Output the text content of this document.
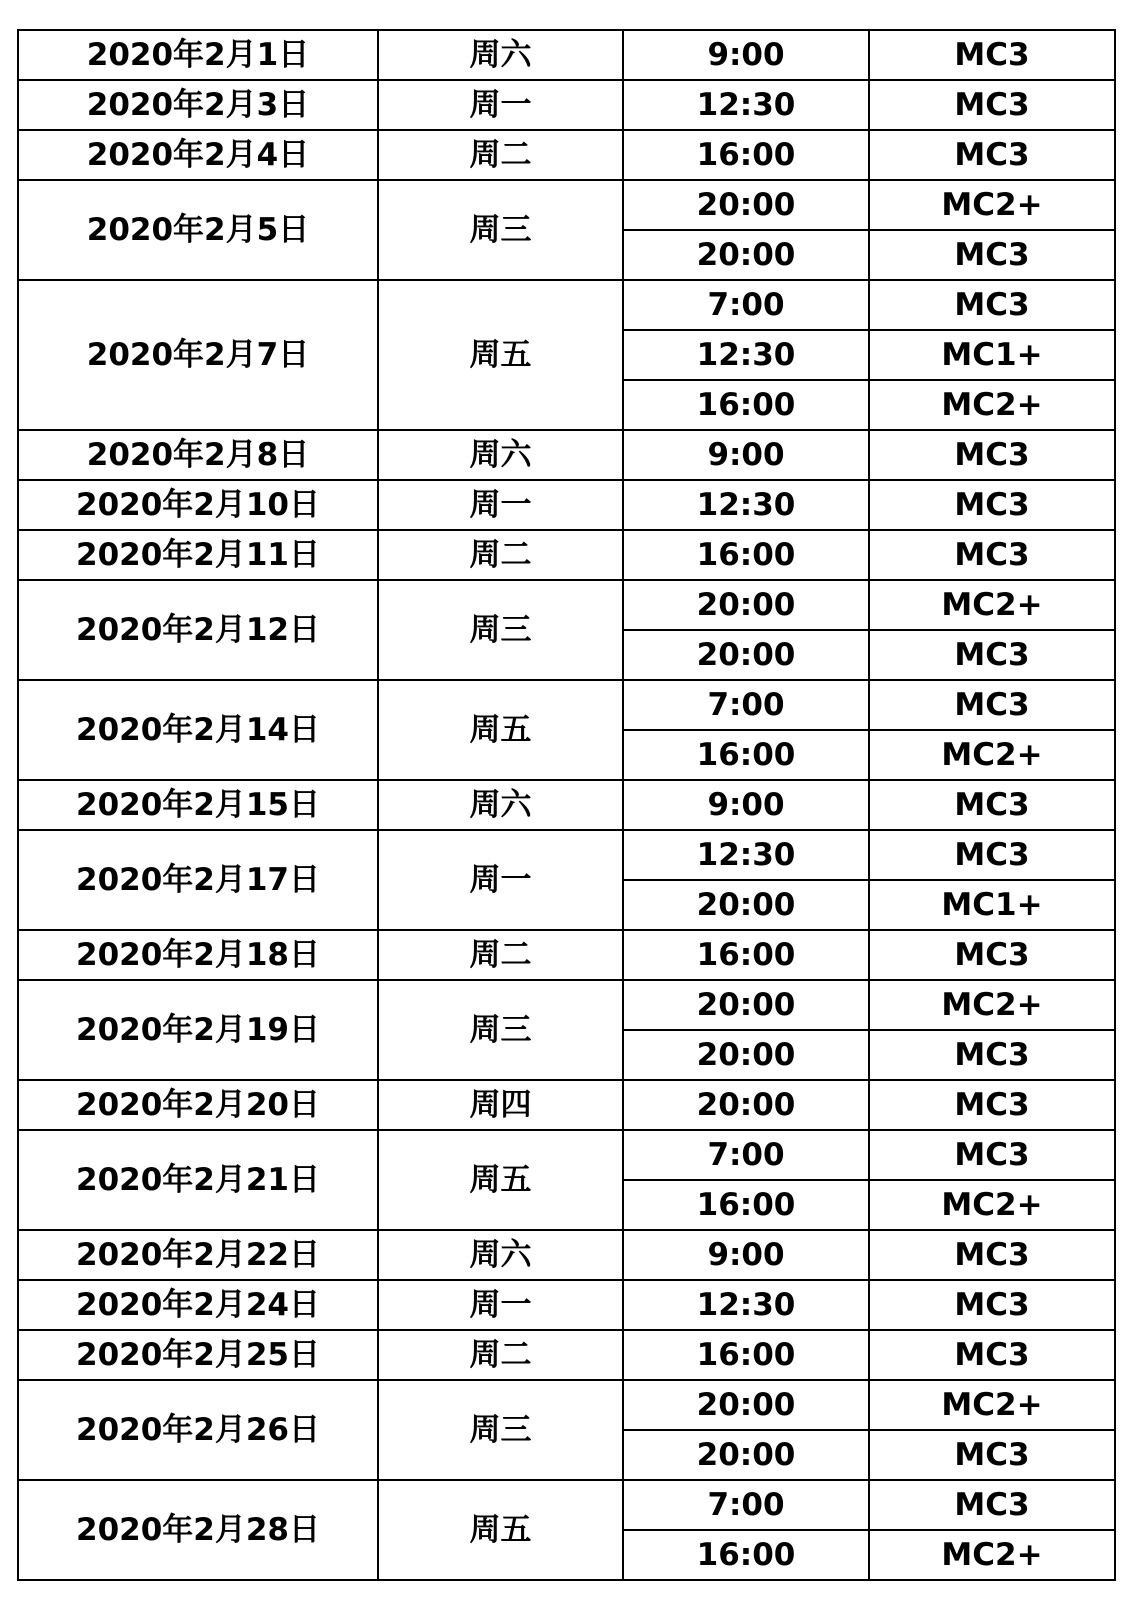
2020年2月1日	周六	9:00	MC3
2020年2月3日	周一	12:30	MC3
2020年2月4日	周二	16:00	MC3
2020年2月5日	周三	20:00	MC2+
		20:00	MC3
2020年2月7日	周五	7:00	MC3
		12:30	MC1+
		16:00	MC2+
2020年2月8日	周六	9:00	MC3
2020年2月10日	周一	12:30	MC3
2020年2月11日	周二	16:00	MC3
2020年2月12日	周三	20:00	MC2+
		20:00	MC3
2020年2月14日	周五	7:00	MC3
		16:00	MC2+
2020年2月15日	周六	9:00	MC3
2020年2月17日	周一	12:30	MC3
		20:00	MC1+
2020年2月18日	周二	16:00	MC3
2020年2月19日	周三	20:00	MC2+
		20:00	MC3
2020年2月20日	周四	20:00	MC3
2020年2月21日	周五	7:00	MC3
		16:00	MC2+
2020年2月22日	周六	9:00	MC3
2020年2月24日	周一	12:30	MC3
2020年2月25日	周二	16:00	MC3
2020年2月26日	周三	20:00	MC2+
		20:00	MC3
2020年2月28日	周五	7:00	MC3
		16:00	MC2+
